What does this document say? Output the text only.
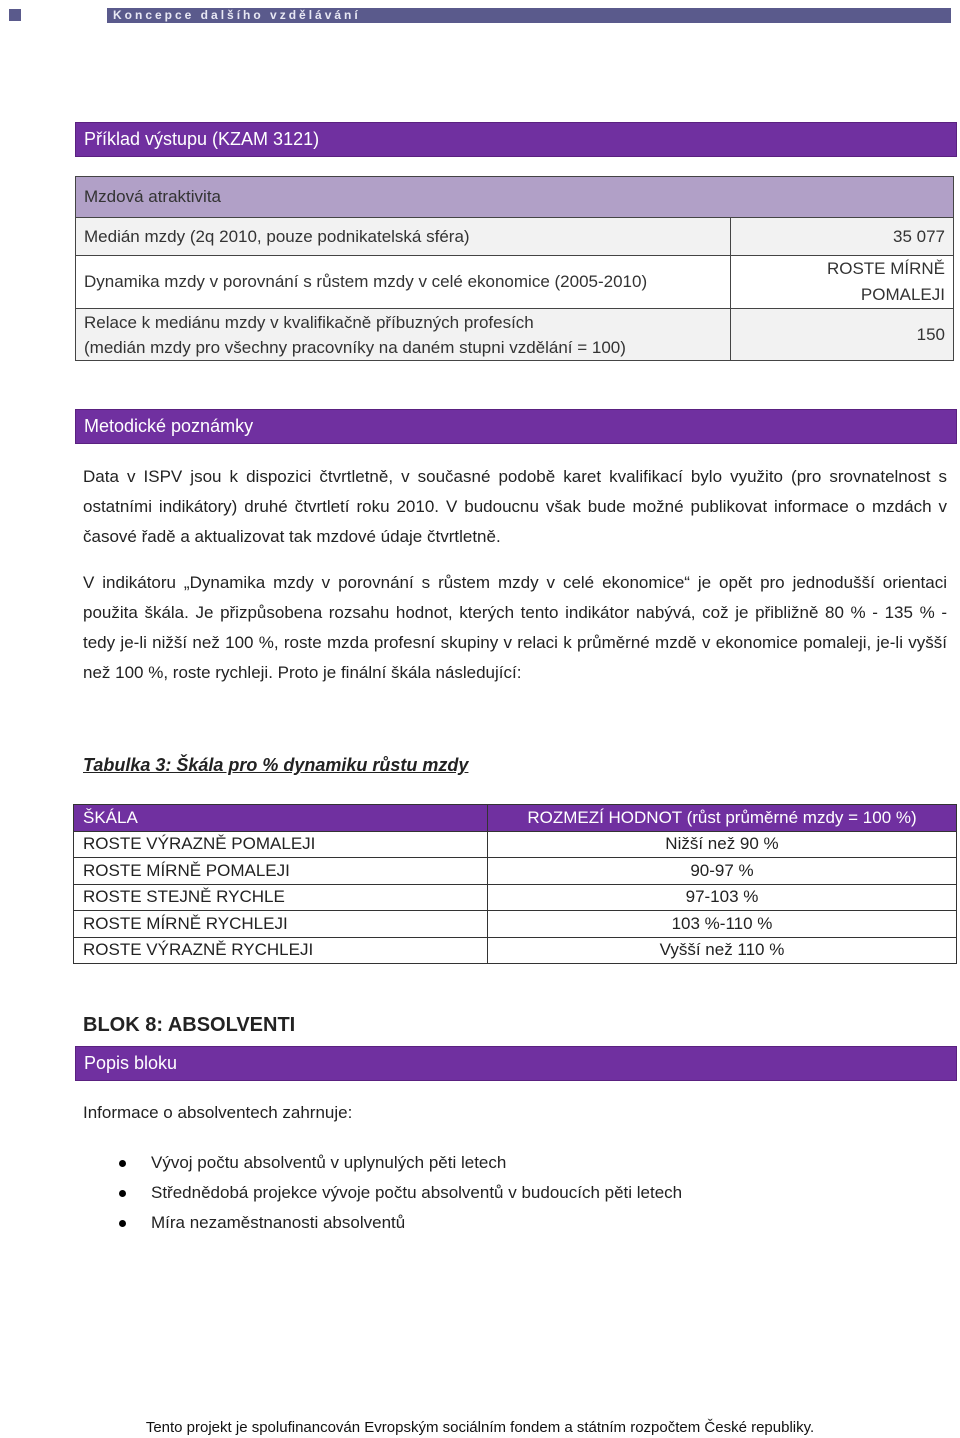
Koncepce dalšího vzdělávání
Příklad výstupu (KZAM 3121)
Mzdová atraktivita	
Medián mzdy (2q 2010, pouze podnikatelská sféra)	35 077
Dynamika mzdy v porovnání s růstem mzdy v celé ekonomice (2005-2010)	ROSTE MÍRNĚ POMALEJI
Relace k mediánu mzdy v kvalifikačně příbuzných profesích
(medián mzdy pro všechny pracovníky na daném stupni vzdělání = 100)	150
Metodické poznámky

Data v ISPV jsou k dispozici čtvrtletně, v současné podobě karet kvalifikací bylo využito (pro srovnatelnost s ostatními indikátory) druhé čtvrtletí roku 2010. V budoucnu však bude možné publikovat informace o mzdách v časové řadě a aktualizovat tak mzdové údaje čtvrtletně.

V indikátoru „Dynamika mzdy v porovnání s růstem mzdy v celé ekonomice“ je opět pro jednodušší orientaci použita škála. Je přizpůsobena rozsahu hodnot, kterých tento indikátor nabývá, což je přibližně 80 % - 135 % - tedy je-li nižší než 100 %, roste mzda profesní skupiny v relaci k průměrné mzdě v ekonomice pomaleji, je-li vyšší než 100 %, roste rychleji. Proto je finální škála následující:

Tabulka 3: Škála pro % dynamiku růstu mzdy
ŠKÁLA	ROZMEZÍ HODNOT (růst průměrné mzdy = 100 %)
ROSTE VÝRAZNĚ POMALEJI	Nižší než 90 %
ROSTE MÍRNĚ POMALEJI	90-97 %
ROSTE STEJNĚ RYCHLE	97-103 %
ROSTE MÍRNĚ RYCHLEJI	103 %-110 %
ROSTE VÝRAZNĚ RYCHLEJI	Vyšší než 110 %
BLOK 8: ABSOLVENTI
Popis bloku

Informace o absolventech zahrnuje:

Vývoj počtu absolventů v uplynulých pěti letech
Střednědobá projekce vývoje počtu absolventů v budoucích pěti letech
Míra nezaměstnanosti absolventů
Tento projekt je spolufinancován Evropským sociálním fondem a státním rozpočtem České republiky.
